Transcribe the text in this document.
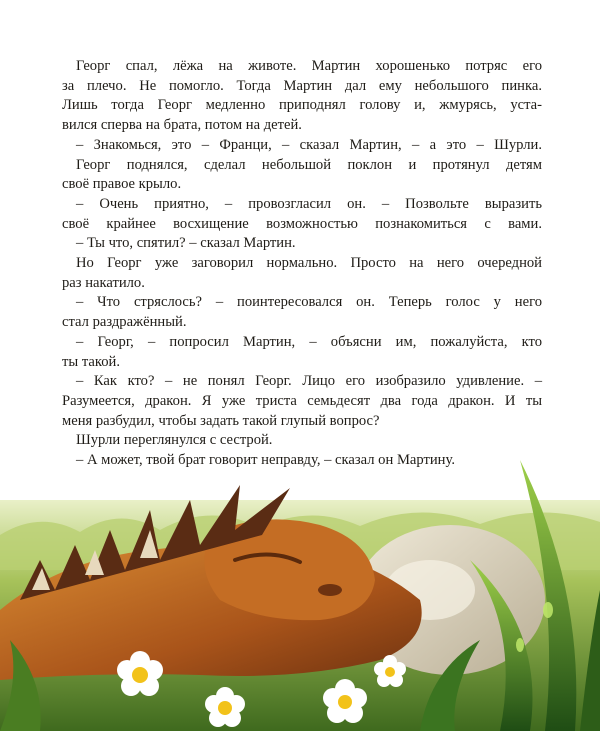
Георг спал, лёжа на животе. Мартин хорошенько потряс его
за плечо. Не помогло. Тогда Мартин дал ему небольшого пинка.
Лишь тогда Георг медленно приподнял голову и, жмурясь, уста-
вился сперва на брата, потом на детей.
– Знакомься, это – Франци, – сказал Мартин, – а это – Шурли.
Георг поднялся, сделал небольшой поклон и протянул детям
своё правое крыло.
– Очень приятно, – провозгласил он. – Позвольте выразить
своё крайнее восхищение возможностью познакомиться с вами.
– Ты что, спятил? – сказал Мартин.
Но Георг уже заговорил нормально. Просто на него очередной
раз накатило.
– Что стряслось? – поинтересовался он. Теперь голос у него
стал раздражённый.
– Георг, – попросил Мартин, – объясни им, пожалуйста, кто
ты такой.
– Как кто? – не понял Георг. Лицо его изобразило удивление. –
Разумеется, дракон. Я уже триста семьдесят два года дракон. И ты
меня разбудил, чтобы задать такой глупый вопрос?
Шурли переглянулся с сестрой.
– А может, твой брат говорит неправду, – сказал он Мартину.
